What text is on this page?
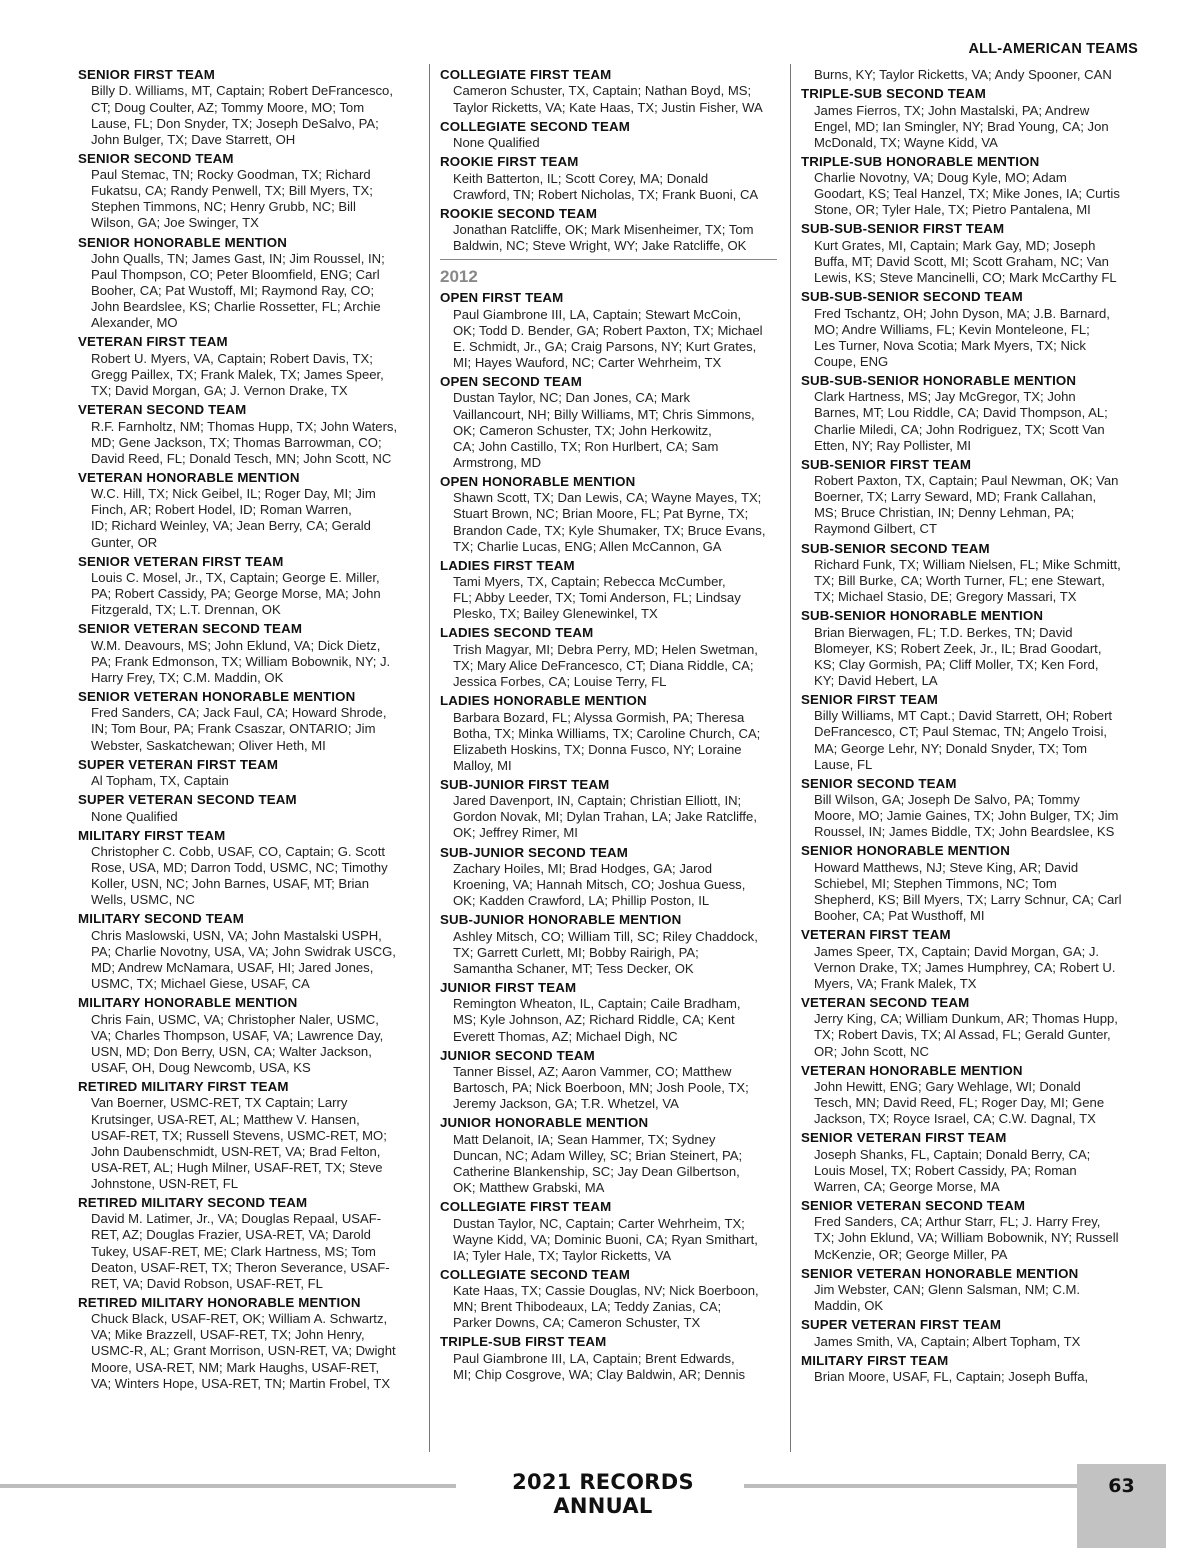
ALL-AMERICAN TEAMS
SENIOR FIRST TEAM
Billy D. Williams, MT, Captain; Robert DeFrancesco,
CT; Doug Coulter, AZ; Tommy Moore, MO; Tom
Lause, FL; Don Snyder, TX; Joseph DeSalvo, PA;
John Bulger, TX; Dave Starrett, OH
SENIOR SECOND TEAM
Paul Stemac, TN; Rocky Goodman, TX; Richard
Fukatsu, CA; Randy Penwell, TX; Bill Myers, TX;
Stephen Timmons, NC; Henry Grubb, NC; Bill
Wilson, GA; Joe Swinger, TX
SENIOR HONORABLE MENTION
John Qualls, TN; James Gast, IN; Jim Roussel, IN;
Paul Thompson, CO; Peter Bloomfield, ENG; Carl
Booher, CA; Pat Wustoff, MI; Raymond Ray, CO;
John Beardslee, KS; Charlie Rossetter, FL; Archie
Alexander, MO
VETERAN FIRST TEAM
Robert U. Myers, VA, Captain; Robert Davis, TX;
Gregg Paillex, TX; Frank Malek, TX; James Speer,
TX; David Morgan, GA; J. Vernon Drake, TX
VETERAN SECOND TEAM
R.F. Farnholtz, NM; Thomas Hupp, TX; John Waters,
MD; Gene Jackson, TX; Thomas Barrowman, CO;
David Reed, FL; Donald Tesch, MN; John Scott, NC
VETERAN HONORABLE MENTION
W.C. Hill, TX; Nick Geibel, IL; Roger Day, MI; Jim
Finch, AR; Robert Hodel, ID; Roman Warren,
ID; Richard Weinley, VA; Jean Berry, CA; Gerald
Gunter, OR
SENIOR VETERAN FIRST TEAM
Louis C. Mosel, Jr., TX, Captain; George E. Miller,
PA; Robert Cassidy, PA; George Morse, MA; John
Fitzgerald, TX; L.T. Drennan, OK
SENIOR VETERAN SECOND TEAM
W.M. Deavours, MS; John Eklund, VA; Dick Dietz,
PA; Frank Edmonson, TX; William Bobownik, NY; J.
Harry Frey, TX; C.M. Maddin, OK
SENIOR VETERAN HONORABLE MENTION
Fred Sanders, CA; Jack Faul, CA; Howard Shrode,
IN; Tom Bour, PA; Frank Csaszar, ONTARIO; Jim
Webster, Saskatchewan; Oliver Heth, MI
SUPER VETERAN FIRST TEAM
Al Topham, TX, Captain
SUPER VETERAN SECOND TEAM
None Qualified
MILITARY FIRST TEAM
Christopher C. Cobb, USAF, CO, Captain; G. Scott
Rose, USA, MD; Darron Todd, USMC, NC; Timothy
Koller, USN, NC; John Barnes, USAF, MT; Brian
Wells, USMC, NC
MILITARY SECOND TEAM
Chris Maslowski, USN, VA; John Mastalski USPH,
PA; Charlie Novotny, USA, VA; John Swidrak USCG,
MD; Andrew McNamara, USAF, HI; Jared Jones,
USMC, TX; Michael Giese, USAF, CA
MILITARY HONORABLE MENTION
Chris Fain, USMC, VA; Christopher Naler, USMC,
VA; Charles Thompson, USAF, VA; Lawrence Day,
USN, MD; Don Berry, USN, CA; Walter Jackson,
USAF, OH, Doug Newcomb, USA, KS
RETIRED MILITARY FIRST TEAM
Van Boerner, USMC-RET, TX Captain; Larry
Krutsinger, USA-RET, AL; Matthew V. Hansen,
USAF-RET, TX; Russell Stevens, USMC-RET, MO;
John Daubenschmidt, USN-RET, VA; Brad Felton,
USA-RET, AL; Hugh Milner, USAF-RET, TX; Steve
Johnstone, USN-RET, FL
RETIRED MILITARY SECOND TEAM
David M. Latimer, Jr., VA; Douglas Repaal, USAF-
RET, AZ; Douglas Frazier, USA-RET, VA; Darold
Tukey, USAF-RET, ME; Clark Hartness, MS; Tom
Deaton, USAF-RET, TX; Theron Severance, USAF-
RET, VA; David Robson, USAF-RET, FL
RETIRED MILITARY HONORABLE MENTION
Chuck Black, USAF-RET, OK; William A. Schwartz,
VA; Mike Brazzell, USAF-RET, TX; John Henry,
USMC-R, AL; Grant Morrison, USN-RET, VA; Dwight
Moore, USA-RET, NM; Mark Haughs, USAF-RET,
VA; Winters Hope, USA-RET, TN; Martin Frobel, TX
COLLEGIATE FIRST TEAM
Cameron Schuster, TX, Captain; Nathan Boyd, MS;
Taylor Ricketts, VA; Kate Haas, TX; Justin Fisher, WA
COLLEGIATE SECOND TEAM
None Qualified
ROOKIE FIRST TEAM
Keith Batterton, IL; Scott Corey, MA; Donald
Crawford, TN; Robert Nicholas, TX; Frank Buoni, CA
ROOKIE SECOND TEAM
Jonathan Ratcliffe, OK; Mark Misenheimer, TX; Tom
Baldwin, NC; Steve Wright, WY; Jake Ratcliffe, OK
2012
OPEN FIRST TEAM
Paul Giambrone III, LA, Captain; Stewart McCoin,
OK; Todd D. Bender, GA; Robert Paxton, TX; Michael
E. Schmidt, Jr., GA; Craig Parsons, NY; Kurt Grates,
MI; Hayes Wauford, NC; Carter Wehrheim, TX
OPEN SECOND TEAM
Dustan Taylor, NC; Dan Jones, CA; Mark
Vaillancourt, NH; Billy Williams, MT; Chris Simmons,
OK; Cameron Schuster, TX; John Herkowitz,
CA; John Castillo, TX; Ron Hurlbert, CA; Sam
Armstrong, MD
OPEN HONORABLE MENTION
Shawn Scott, TX; Dan Lewis, CA; Wayne Mayes, TX;
Stuart Brown, NC; Brian Moore, FL; Pat Byrne, TX;
Brandon Cade, TX; Kyle Shumaker, TX; Bruce Evans,
TX; Charlie Lucas, ENG; Allen McCannon, GA
LADIES FIRST TEAM
Tami Myers, TX, Captain; Rebecca McCumber,
FL; Abby Leeder, TX; Tomi Anderson, FL; Lindsay
Plesko, TX; Bailey Glenewinkel, TX
LADIES SECOND TEAM
Trish Magyar, MI; Debra Perry, MD; Helen Swetman,
TX; Mary Alice DeFrancesco, CT; Diana Riddle, CA;
Jessica Forbes, CA; Louise Terry, FL
LADIES HONORABLE MENTION
Barbara Bozard, FL; Alyssa Gormish, PA; Theresa
Botha, TX; Minka Williams, TX; Caroline Church, CA;
Elizabeth Hoskins, TX; Donna Fusco, NY; Loraine
Malloy, MI
SUB-JUNIOR FIRST TEAM
Jared Davenport, IN, Captain; Christian Elliott, IN;
Gordon Novak, MI; Dylan Trahan, LA; Jake Ratcliffe,
OK; Jeffrey Rimer, MI
SUB-JUNIOR SECOND TEAM
Zachary Hoiles, MI; Brad Hodges, GA; Jarod
Kroening, VA; Hannah Mitsch, CO; Joshua Guess,
OK; Kadden Crawford, LA; Phillip Poston, IL
SUB-JUNIOR HONORABLE MENTION
Ashley Mitsch, CO; William Till, SC; Riley Chaddock,
TX; Garrett Curlett, MI; Bobby Rairigh, PA;
Samantha Schaner, MT; Tess Decker, OK
JUNIOR FIRST TEAM
Remington Wheaton, IL, Captain; Caile Bradham,
MS; Kyle Johnson, AZ; Richard Riddle, CA; Kent
Everett Thomas, AZ; Michael Digh, NC
JUNIOR SECOND TEAM
Tanner Bissel, AZ; Aaron Vammer, CO; Matthew
Bartosch, PA; Nick Boerboon, MN; Josh Poole, TX;
Jeremy Jackson, GA; T.R. Whetzel, VA
JUNIOR HONORABLE MENTION
Matt Delanoit, IA; Sean Hammer, TX; Sydney
Duncan, NC; Adam Willey, SC; Brian Steinert, PA;
Catherine Blankenship, SC; Jay Dean Gilbertson,
OK; Matthew Grabski, MA
COLLEGIATE FIRST TEAM
Dustan Taylor, NC, Captain; Carter Wehrheim, TX;
Wayne Kidd, VA; Dominic Buoni, CA; Ryan Smithart,
IA; Tyler Hale, TX; Taylor Ricketts, VA
COLLEGIATE SECOND TEAM
Kate Haas, TX; Cassie Douglas, NV; Nick Boerboon,
MN; Brent Thibodeaux, LA; Teddy Zanias, CA;
Parker Downs, CA; Cameron Schuster, TX
TRIPLE-SUB FIRST TEAM
Paul Giambrone III, LA, Captain; Brent Edwards,
MI; Chip Cosgrove, WA; Clay Baldwin, AR; Dennis
Burns, KY; Taylor Ricketts, VA; Andy Spooner, CAN
TRIPLE-SUB SECOND TEAM
James Fierros, TX; John Mastalski, PA; Andrew
Engel, MD; Ian Smingler, NY; Brad Young, CA; Jon
McDonald, TX; Wayne Kidd, VA
TRIPLE-SUB HONORABLE MENTION
Charlie Novotny, VA; Doug Kyle, MO; Adam
Goodart, KS; Teal Hanzel, TX; Mike Jones, IA; Curtis
Stone, OR; Tyler Hale, TX; Pietro Pantalena, MI
SUB-SUB-SENIOR FIRST TEAM
Kurt Grates, MI, Captain; Mark Gay, MD; Joseph
Buffa, MT; David Scott, MI; Scott Graham, NC; Van
Lewis, KS; Steve Mancinelli, CO; Mark McCarthy FL
SUB-SUB-SENIOR SECOND TEAM
Fred Tschantz, OH; John Dyson, MA; J.B. Barnard,
MO; Andre Williams, FL; Kevin Monteleone, FL;
Les Turner, Nova Scotia; Mark Myers, TX; Nick
Coupe, ENG
SUB-SUB-SENIOR HONORABLE MENTION
Clark Hartness, MS; Jay McGregor, TX; John
Barnes, MT; Lou Riddle, CA; David Thompson, AL;
Charlie Miledi, CA; John Rodriguez, TX; Scott Van
Etten, NY; Ray Pollister, MI
SUB-SENIOR FIRST TEAM
Robert Paxton, TX, Captain; Paul Newman, OK; Van
Boerner, TX; Larry Seward, MD; Frank Callahan,
MS; Bruce Christian, IN; Denny Lehman, PA;
Raymond Gilbert, CT
SUB-SENIOR SECOND TEAM
Richard Funk, TX; William Nielsen, FL; Mike Schmitt,
TX; Bill Burke, CA; Worth Turner, FL; ene Stewart,
TX; Michael Stasio, DE; Gregory Massari, TX
SUB-SENIOR HONORABLE MENTION
Brian Bierwagen, FL; T.D. Berkes, TN; David
Blomeyer, KS; Robert Zeek, Jr., IL; Brad Goodart,
KS; Clay Gormish, PA; Cliff Moller, TX; Ken Ford,
KY; David Hebert, LA
SENIOR FIRST TEAM
Billy Williams, MT Capt.; David Starrett, OH; Robert
DeFrancesco, CT; Paul Stemac, TN; Angelo Troisi,
MA; George Lehr, NY; Donald Snyder, TX; Tom
Lause, FL
SENIOR SECOND TEAM
Bill Wilson, GA; Joseph De Salvo, PA; Tommy
Moore, MO; Jamie Gaines, TX; John Bulger, TX; Jim
Roussel, IN; James Biddle, TX; John Beardslee, KS
SENIOR HONORABLE MENTION
Howard Matthews, NJ; Steve King, AR; David
Schiebel, MI; Stephen Timmons, NC; Tom
Shepherd, KS; Bill Myers, TX; Larry Schnur, CA; Carl
Booher, CA; Pat Wusthoff, MI
VETERAN FIRST TEAM
James Speer, TX, Captain; David Morgan, GA; J.
Vernon Drake, TX; James Humphrey, CA; Robert U.
Myers, VA; Frank Malek, TX
VETERAN SECOND TEAM
Jerry King, CA; William Dunkum, AR; Thomas Hupp,
TX; Robert Davis, TX; Al Assad, FL; Gerald Gunter,
OR; John Scott, NC
VETERAN HONORABLE MENTION
John Hewitt, ENG; Gary Wehlage, WI; Donald
Tesch, MN; David Reed, FL; Roger Day, MI; Gene
Jackson, TX; Royce Israel, CA; C.W. Dagnal, TX
SENIOR VETERAN FIRST TEAM
Joseph Shanks, FL, Captain; Donald Berry, CA;
Louis Mosel, TX; Robert Cassidy, PA; Roman
Warren, CA; George Morse, MA
SENIOR VETERAN SECOND TEAM
Fred Sanders, CA; Arthur Starr, FL; J. Harry Frey,
TX; John Eklund, VA; William Bobownik, NY; Russell
McKenzie, OR; George Miller, PA
SENIOR VETERAN HONORABLE MENTION
Jim Webster, CAN; Glenn Salsman, NM; C.M.
Maddin, OK
SUPER VETERAN FIRST TEAM
James Smith, VA, Captain; Albert Topham, TX
MILITARY FIRST TEAM
Brian Moore, USAF, FL, Captain; Joseph Buffa,
2021 RECORDS ANNUAL
63
